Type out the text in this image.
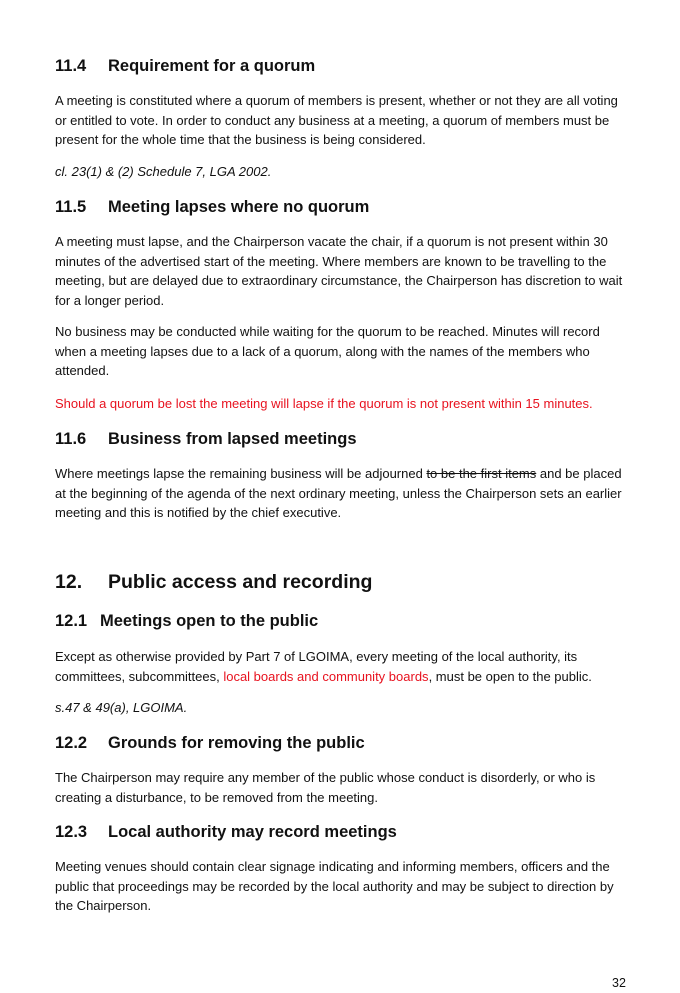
11.4	Requirement for a quorum

A meeting is constituted where a quorum of members is present, whether or not they are all voting or entitled to vote. In order to conduct any business at a meeting, a quorum of members must be present for the whole time that the business is being considered.

cl. 23(1) & (2) Schedule 7, LGA 2002.

11.5	Meeting lapses where no quorum

A meeting must lapse, and the Chairperson vacate the chair, if a quorum is not present within 30 minutes of the advertised start of the meeting. Where members are known to be travelling to the meeting, but are delayed due to extraordinary circumstance, the Chairperson has discretion to wait for a longer period.

No business may be conducted while waiting for the quorum to be reached. Minutes will record when a meeting lapses due to a lack of a quorum, along with the names of the members who attended.

Should a quorum be lost the meeting will lapse if the quorum is not present within 15 minutes.

11.6	Business from lapsed meetings

Where meetings lapse the remaining business will be adjourned to be the first items and be placed at the beginning of the agenda of the next ordinary meeting, unless the Chairperson sets an earlier meeting and this is notified by the chief executive.

12.	Public access and recording
12.1 Meetings open to the public

Except as otherwise provided by Part 7 of LGOIMA, every meeting of the local authority, its committees, subcommittees, local boards and community boards, must be open to the public.

s.47 & 49(a), LGOIMA.

12.2	Grounds for removing the public

The Chairperson may require any member of the public whose conduct is disorderly, or who is creating a disturbance, to be removed from the meeting.

12.3	Local authority may record meetings

Meeting venues should contain clear signage indicating and informing members, officers and the public that proceedings may be recorded by the local authority and may be subject to direction by the Chairperson.

32
